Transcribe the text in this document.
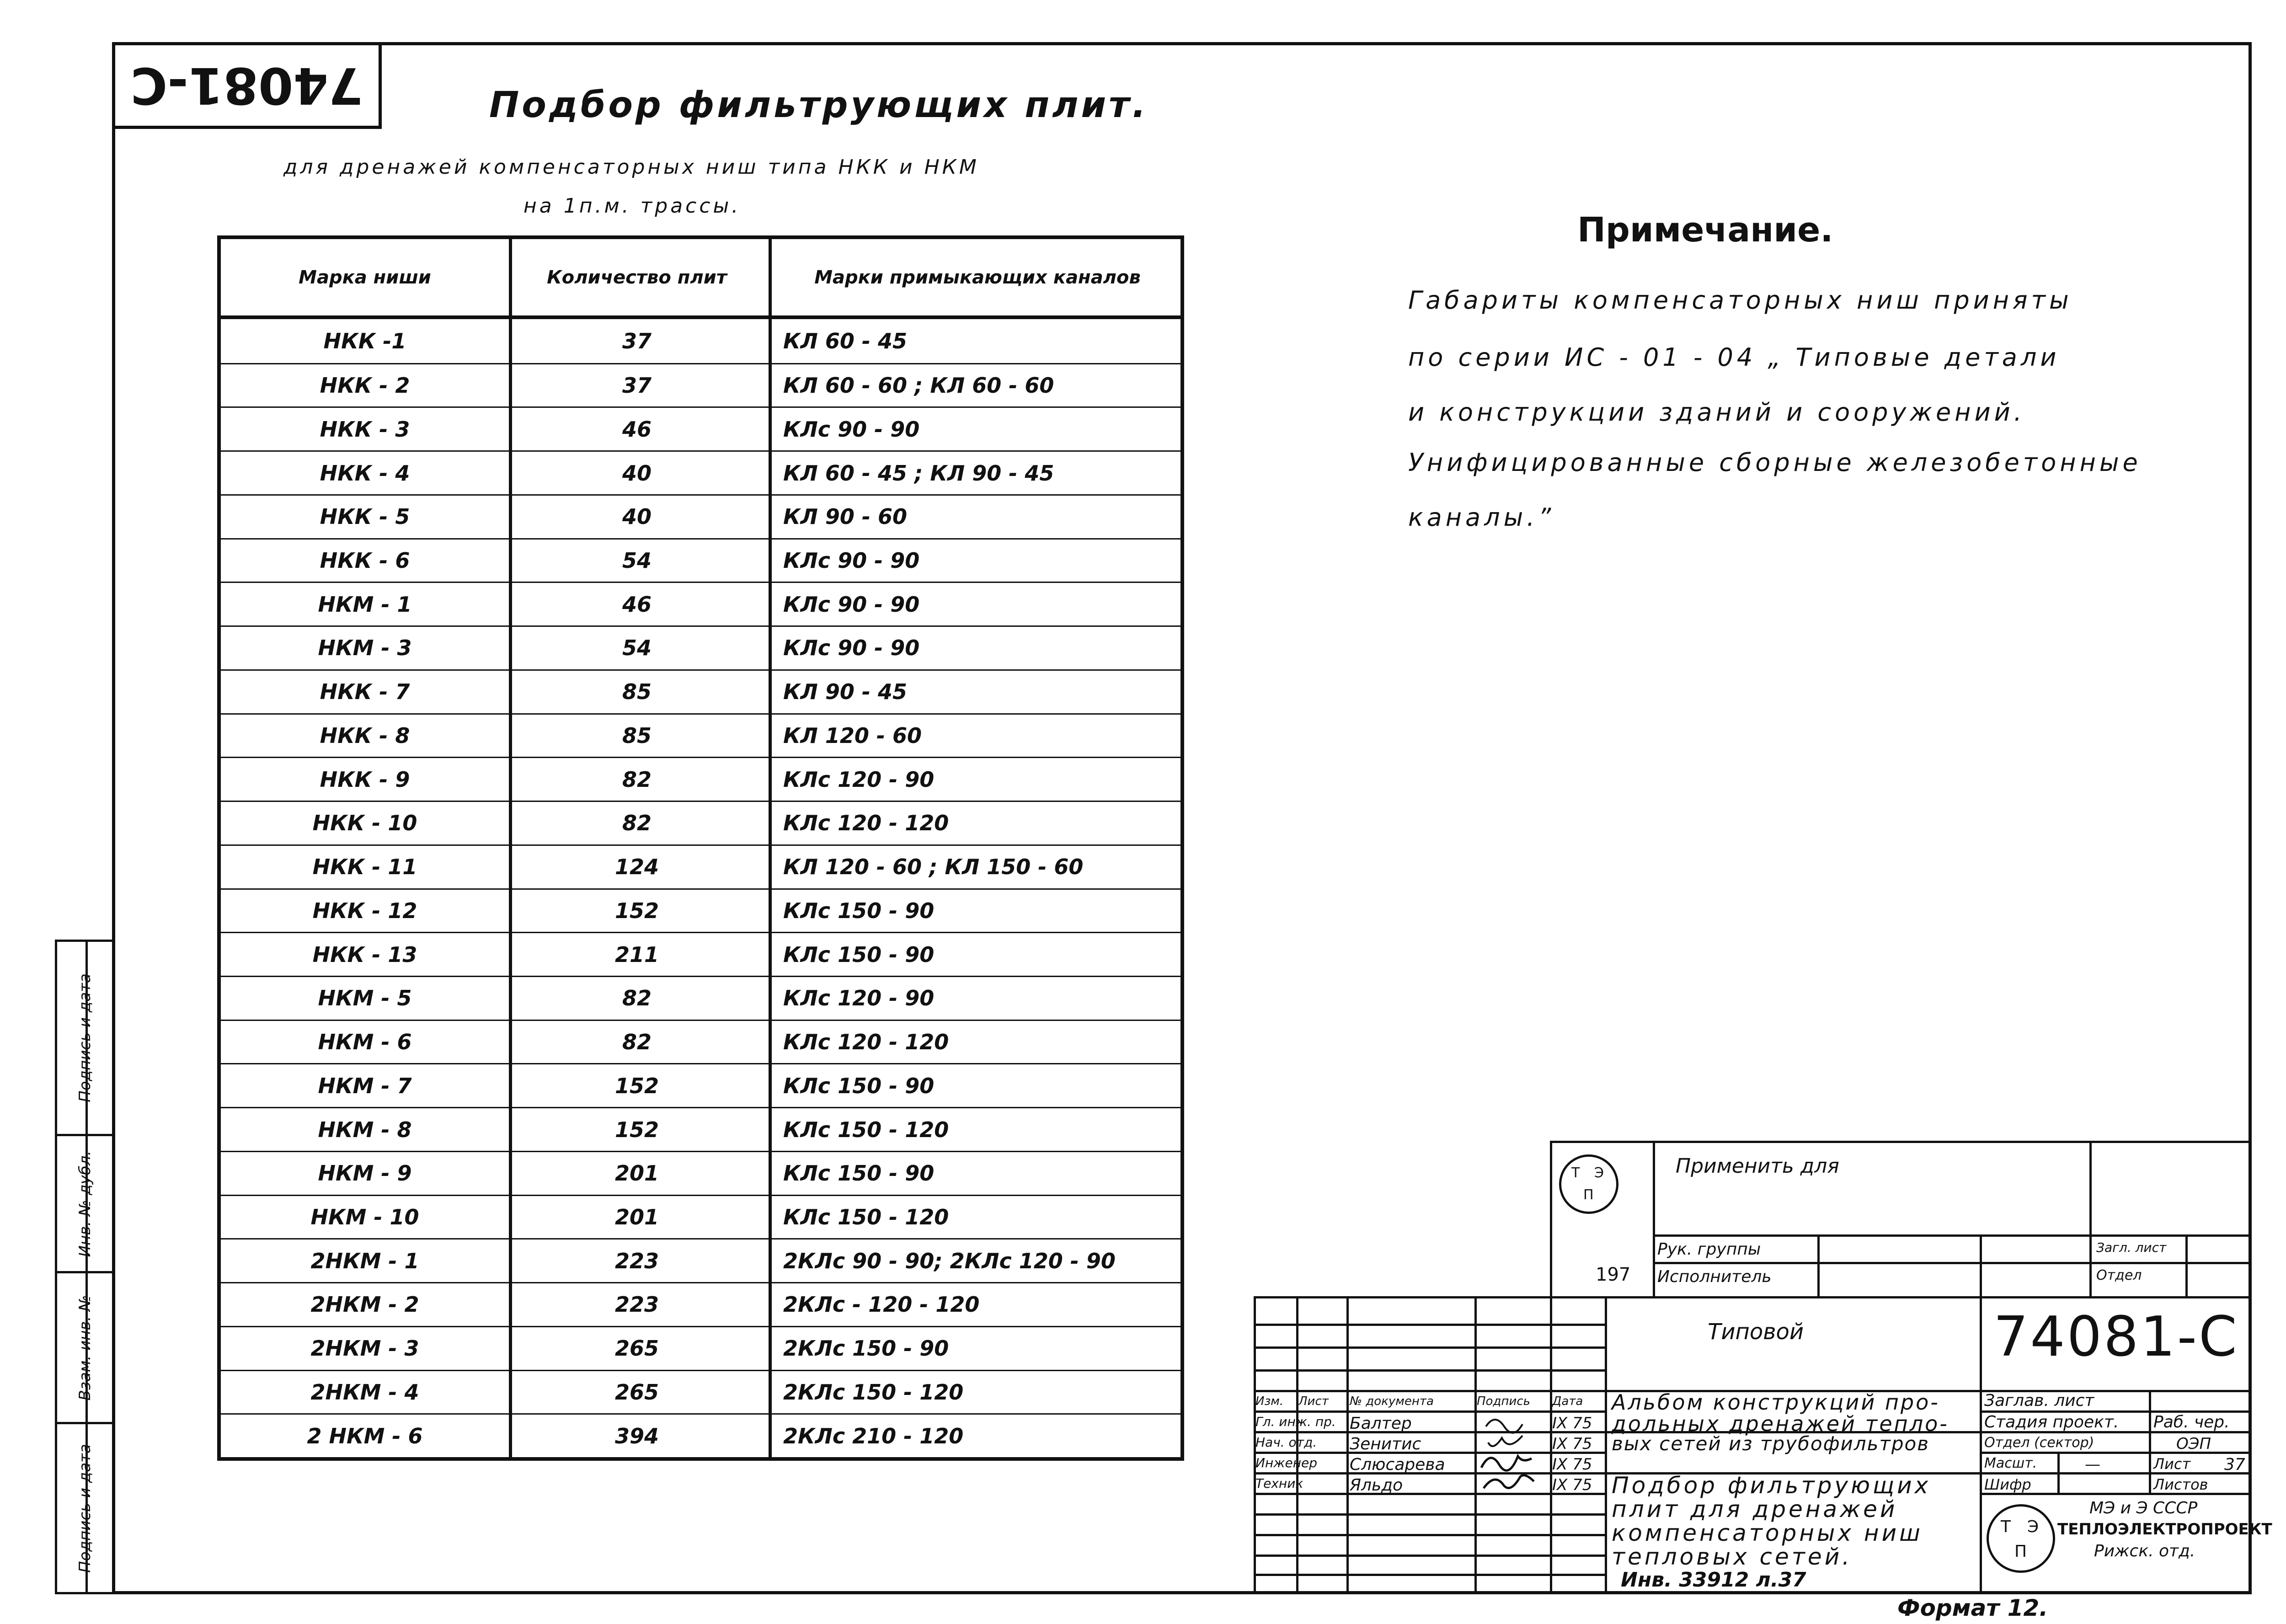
74081-C
Подпись и дата
Инв. № дубл.
Взам. инв. №
Подпись и дата
Подбор фильтрующих плит.
для дренажей компенсаторных ниш типа НКК и НКМ
на 1п.м. трассы.
Марка ниши	Количество плит	Марки примыкающих каналов
НКК -1	37	КЛ 60 - 45
НКК - 2	37	КЛ 60 - 60 ; КЛ 60 - 60
НКК - 3	46	КЛс 90 - 90
НКК - 4	40	КЛ 60 - 45 ; КЛ 90 - 45
НКК - 5	40	КЛ 90 - 60
НКК - 6	54	КЛс 90 - 90
НКМ - 1	46	КЛс 90 - 90
НКМ - 3	54	КЛс 90 - 90
НКК - 7	85	КЛ 90 - 45
НКК - 8	85	КЛ 120 - 60
НКК - 9	82	КЛс 120 - 90
НКК - 10	82	КЛс 120 - 120
НКК - 11	124	КЛ 120 - 60 ; КЛ 150 - 60
НКК - 12	152	КЛс 150 - 90
НКК - 13	211	КЛс 150 - 90
НКМ - 5	82	КЛс 120 - 90
НКМ - 6	82	КЛс 120 - 120
НКМ - 7	152	КЛс 150 - 90
НКМ - 8	152	КЛс 150 - 120
НКМ - 9	201	КЛс 150 - 90
НКМ - 10	201	КЛс 150 - 120
2НКМ - 1	223	2КЛс 90 - 90; 2КЛс 120 - 90
2НКМ - 2	223	2КЛс - 120 - 120
2НКМ - 3	265	2КЛс 150 - 90
2НКМ - 4	265	2КЛс 150 - 120
2 НКМ - 6	394	2КЛс 210 - 120
Примечание.
Габариты компенсаторных ниш приняты
по серии ИС - 01 - 04 „ Типовые детали
и конструкции зданий и сооружений.
Унифицированные сборные железобетонные
каналы.”
Т Э
П
Применить для
197
Рук. группы
Исполнитель
Загл. лист
Отдел
Типовой	74081-C
Изм. Лист № документа	Подпись Дата
Гл. инж. пр. Балтер	IX 75
Нач. отд. Зенитис	IX 75
Инженер Слюсарева	IX 75
Техник	Яльдо	IX 75
Альбом конструкций про-
дольных дренажей тепло-
вых сетей из трубофильтров
Подбор фильтрующих
плит для дренажей
компенсаторных ниш
тепловых сетей.
Инв. 33912 л.37
Заглав. лист
Стадия проект. Раб. чер.
Отдел (сектор)	ОЭП
Масшт.	—	Лист 37
Шифр	Листов
Т Э
П
МЭ и Э СССР
ТЕПЛОЭЛЕКТРОПРОЕКТ
Рижск. отд.
Формат 12.
